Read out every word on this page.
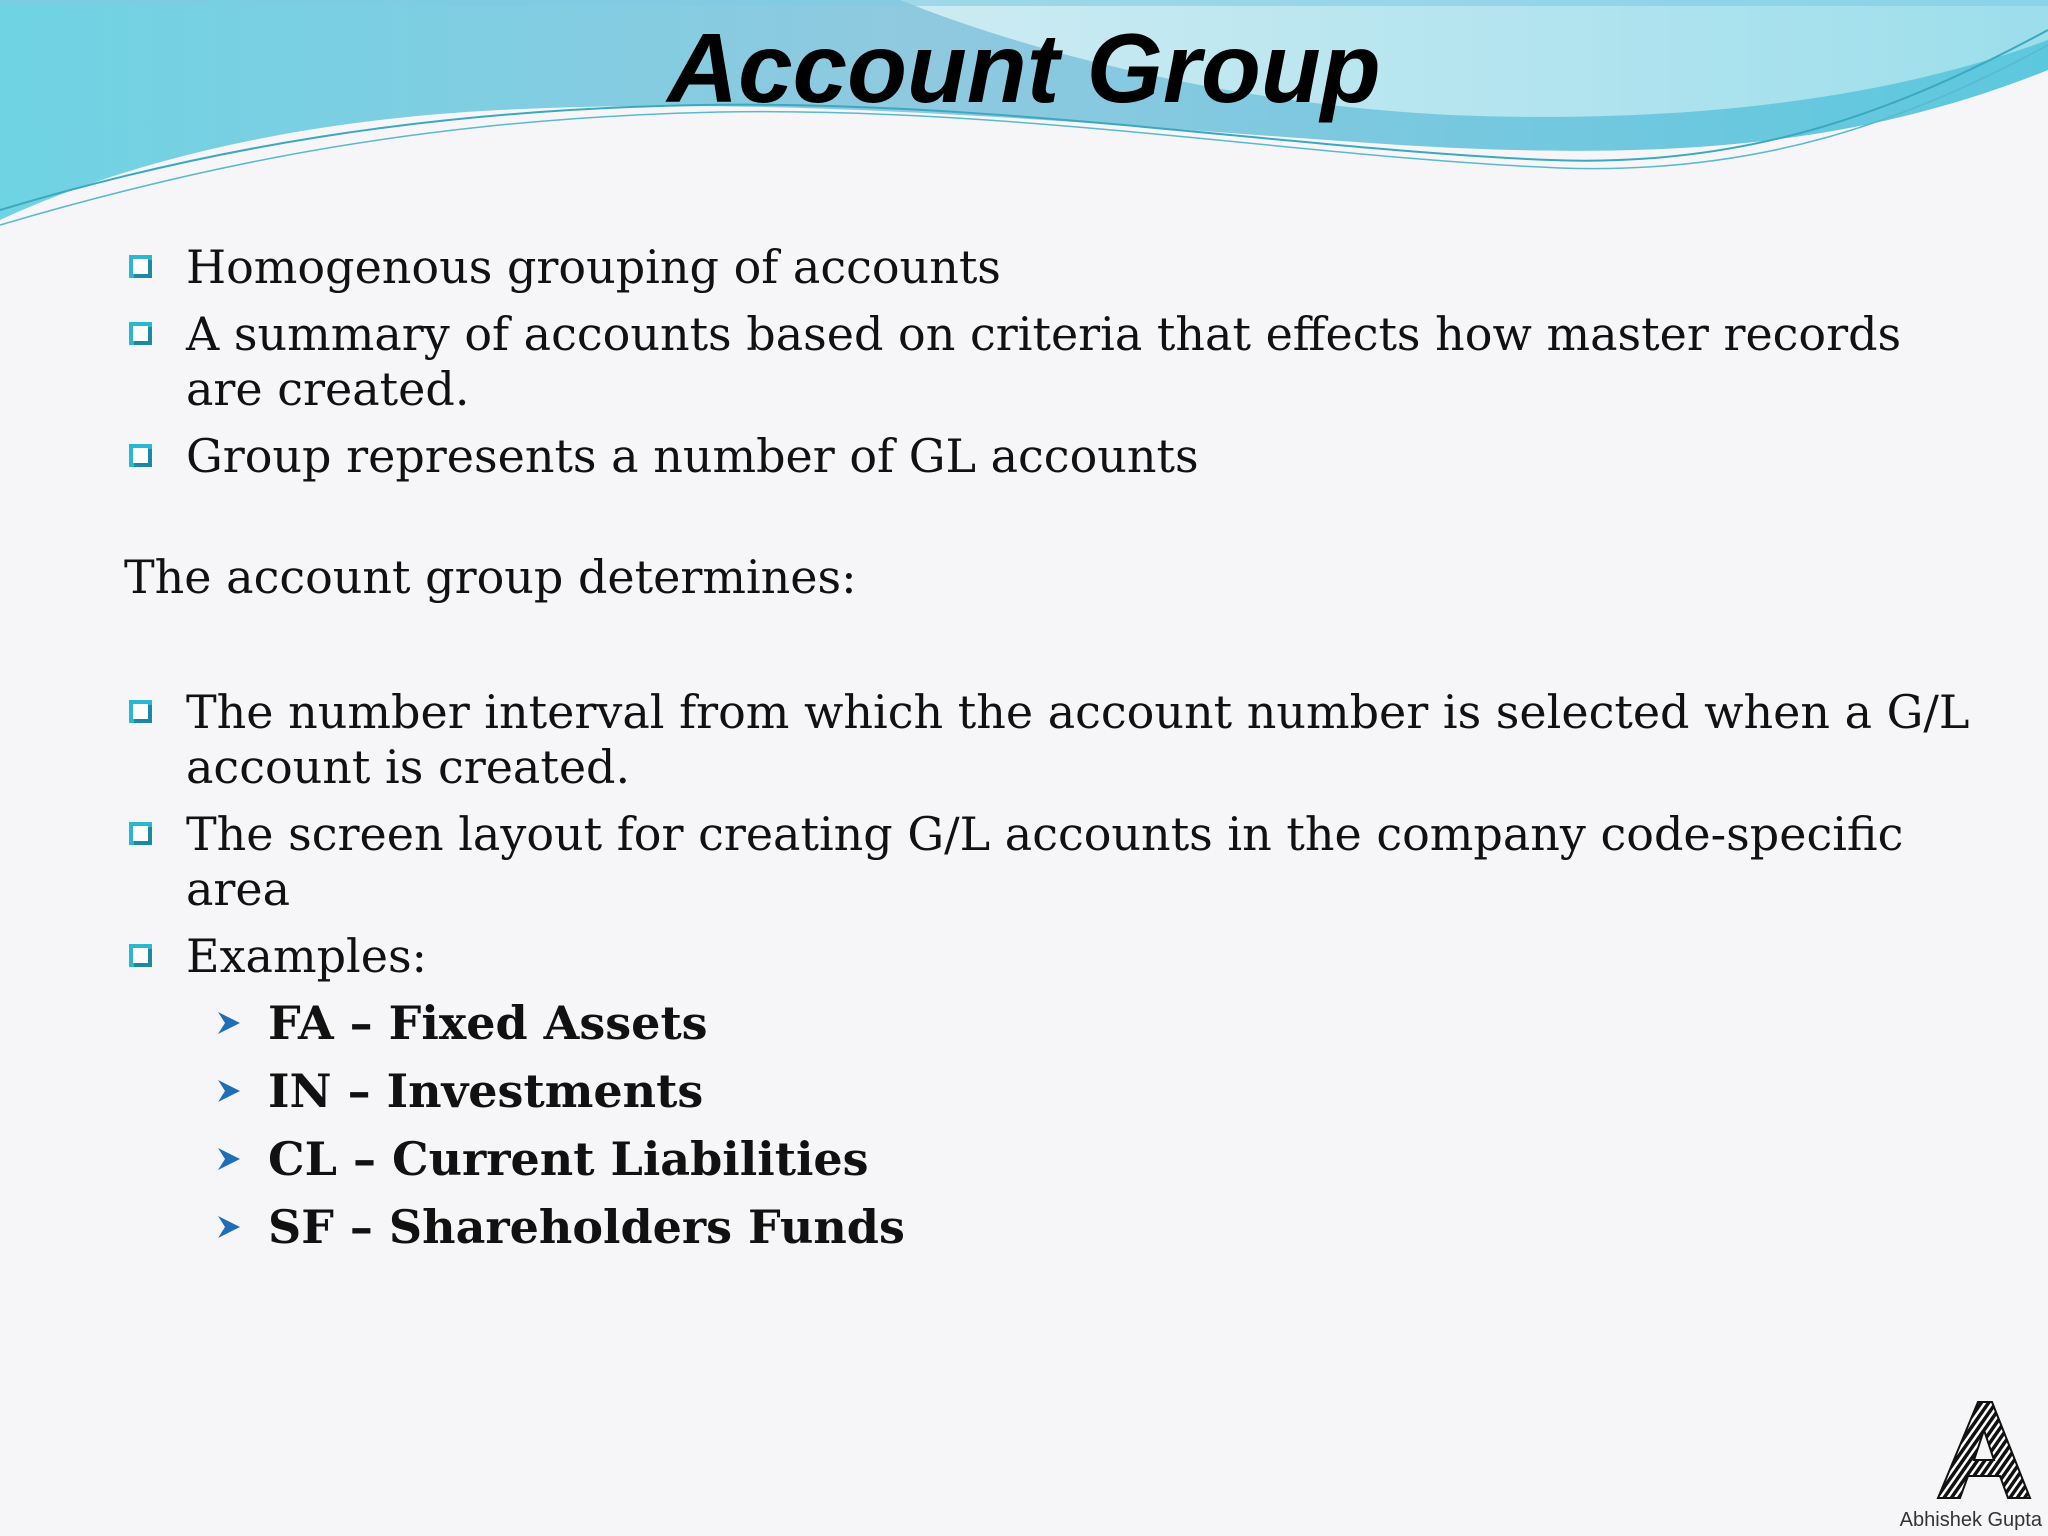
Account Group
Homogenous grouping of accounts
A summary of accounts based on criteria that effects how master records are created.
Group represents a number of GL accounts
The account group determines:
The number interval from which the account number is selected when a G/L account is created.
The screen layout for creating G/L accounts in the company code-specific area
Examples:
FA – Fixed Assets
IN – Investments
CL – Current Liabilities
SF – Shareholders Funds
Abhishek Gupta
